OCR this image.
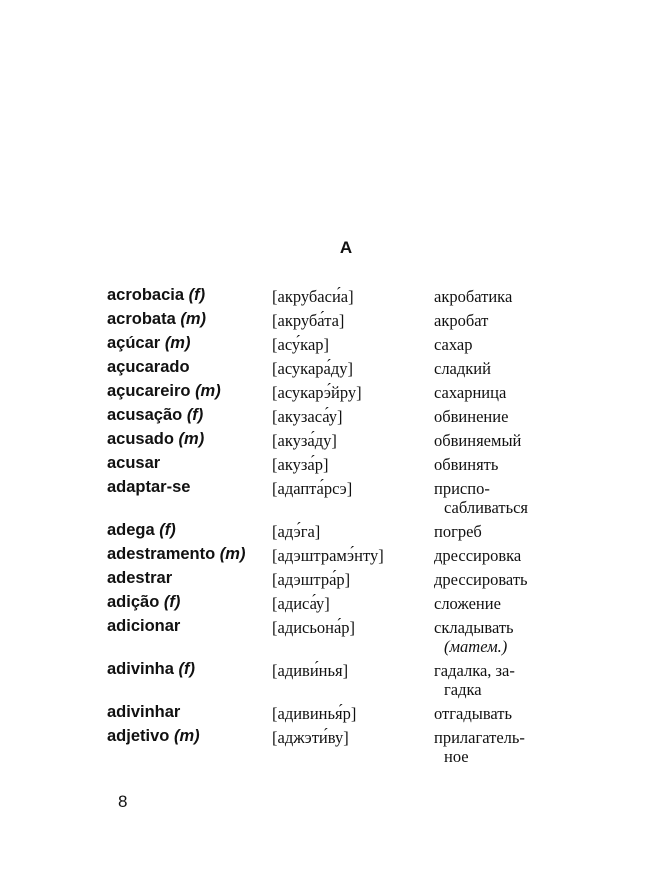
A
acrobacia (f)	[акрубаси́а]	акробатика
acrobata (m)	[акруба́та]	акробат
açúcar (m)	[асу́кар]	сахар
açucarado	[асукара́ду]	сладкий
açucareiro (m)	[асукарэ́йру]	сахарница
acusação (f)	[акузаса́у]	обвинение
acusado (m)	[акуза́ду]	обвиняемый
acusar	[акуза́р]	обвинять
adaptar-se	[адапта́рсэ]	приспо-
сабливаться
adega (f)	[адэ́га]	погреб
adestramento (m)	[адэштрамэ́нту]	дрессировка
adestrar	[адэштра́р]	дрессировать
adição (f)	[адиса́у]	сложение
adicionar	[адисьона́р]	складывать
(матем.)
adivinha (f)	[адиви́нья]	гадалка, за-
гадка
adivinhar	[адивинья́р]	отгадывать
adjetivo (m)	[аджэти́ву]	прилагатель-
ное
8
